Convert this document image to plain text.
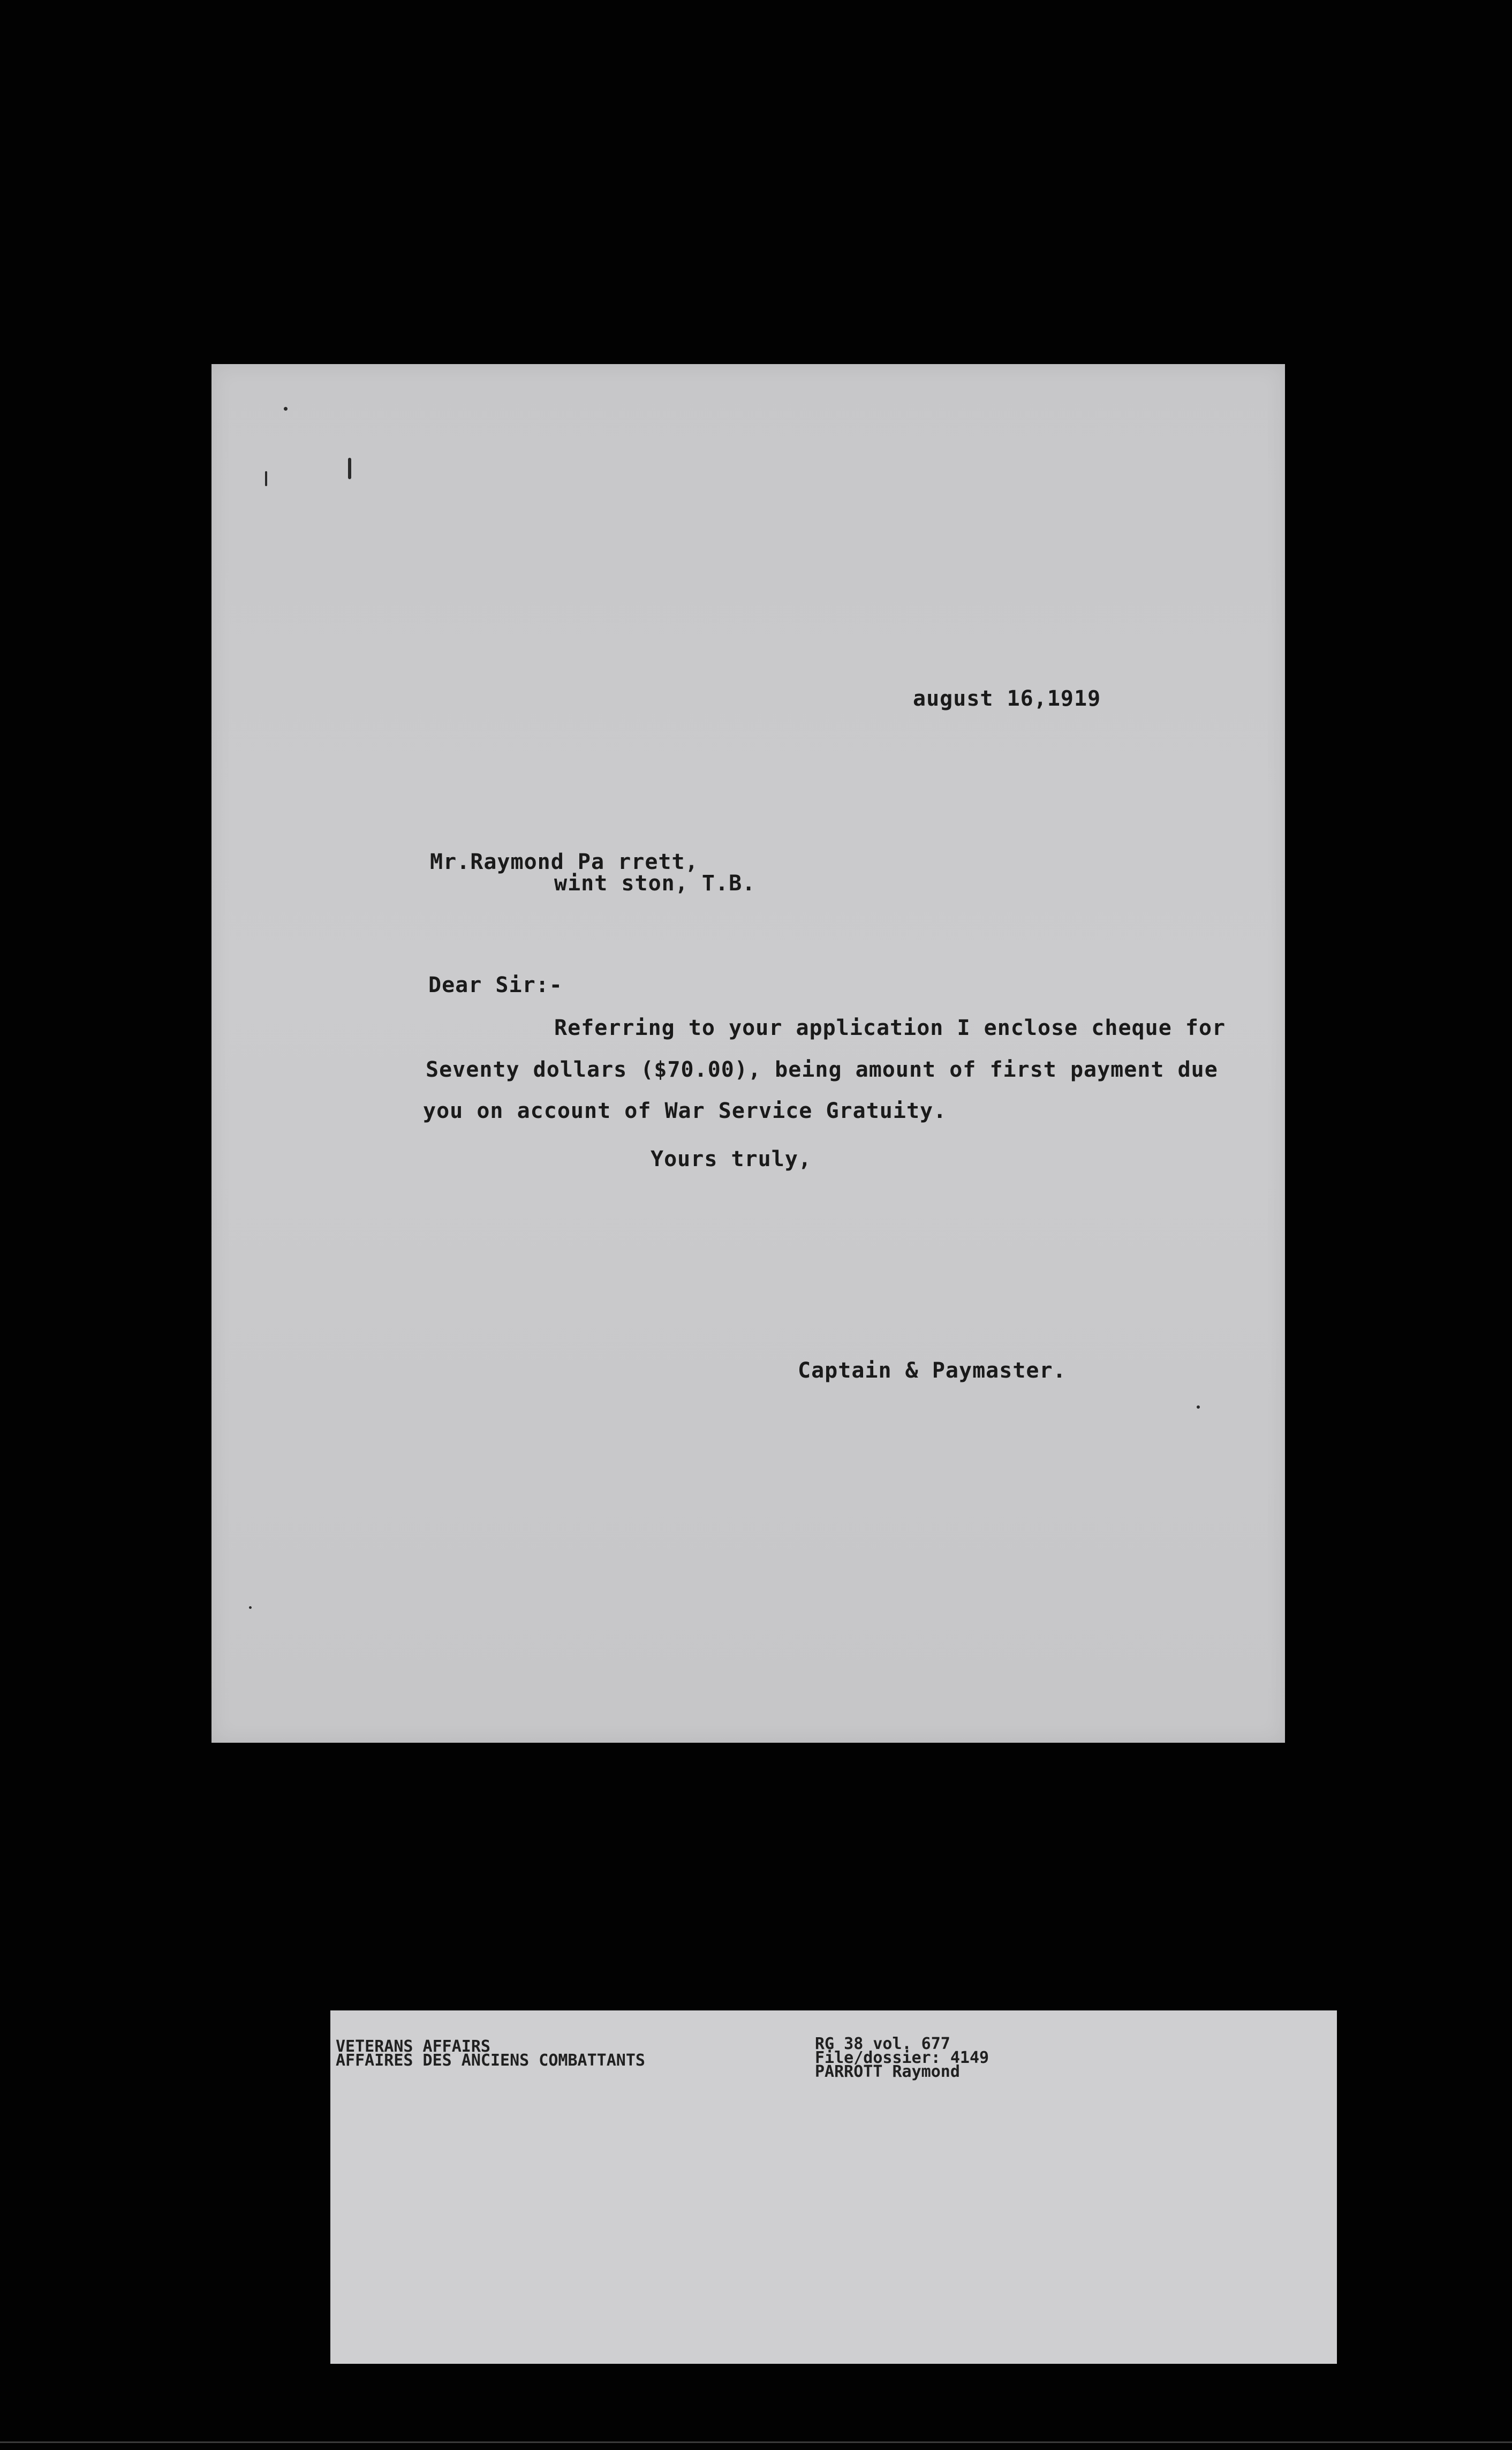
august 16,1919
Mr.Raymond Pa rrett,
wint ston, T.B.
Dear Sir:-
Referring to your application I enclose cheque for
Seventy dollars ($70.00), being amount of first payment due
you on account of War Service Gratuity.
Yours truly,
Captain & Paymaster.
VETERANS AFFAIRS
AFFAIRES DES ANCIENS COMBATTANTS
RG 38 vol. 677
File/dossier: 4149
PARROTT Raymond
